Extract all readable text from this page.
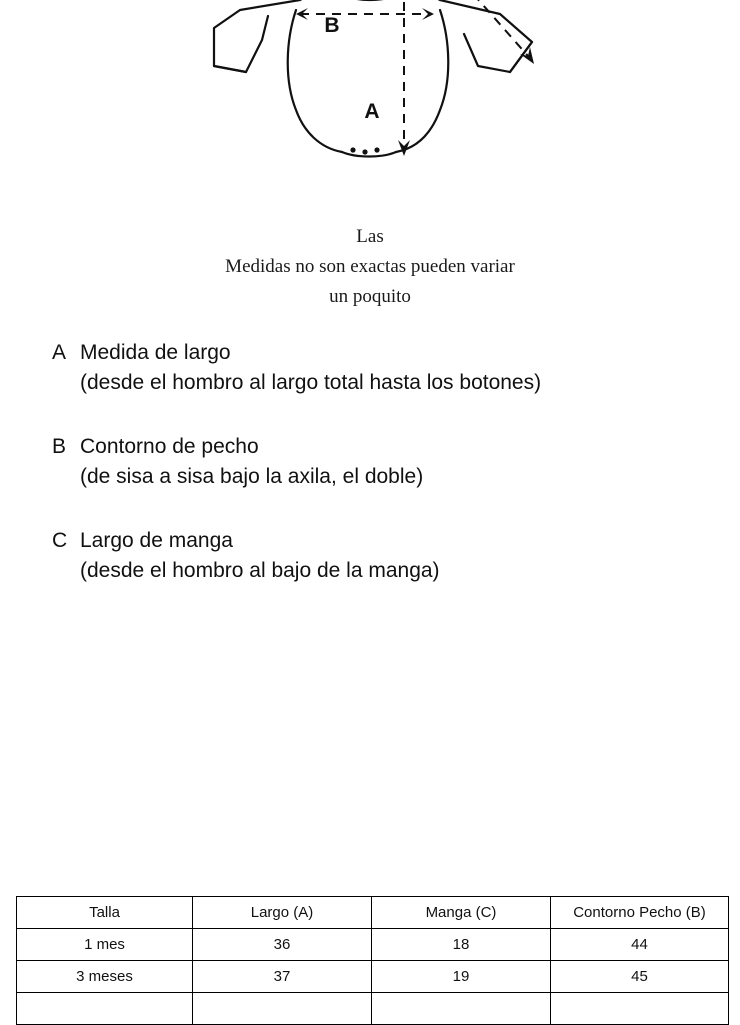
A
B
Las
Medidas no son exactas pueden variar
un poquito
A Medida de largo
(desde el hombro al largo total hasta los botones)
B Contorno de pecho
(de sisa a sisa bajo la axila, el doble)
C Largo de manga
(desde el hombro al bajo de la manga)
Talla	Largo (A)	Manga (C)	Contorno Pecho (B)
1 mes	36	18	44
3 meses	37	19	45
